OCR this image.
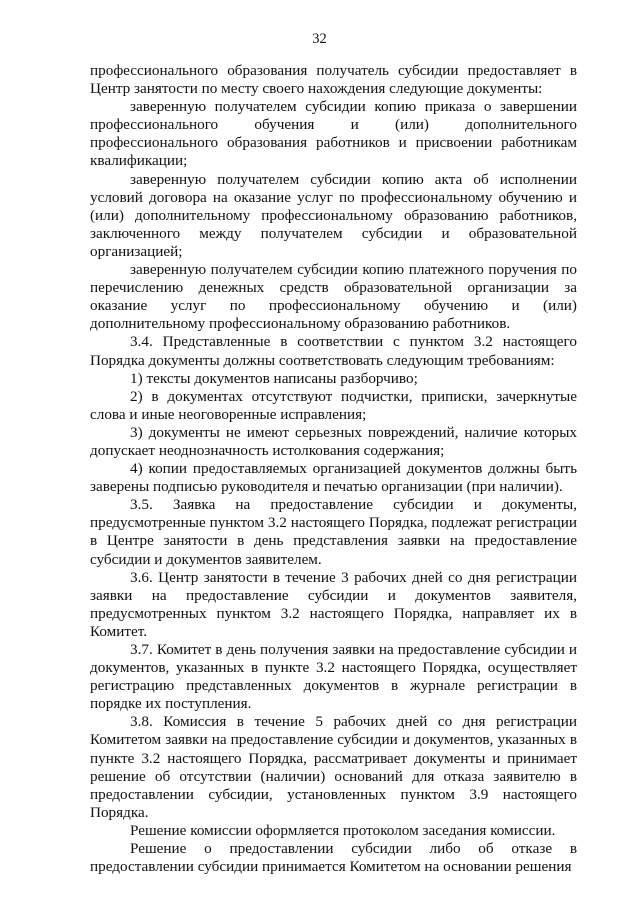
32

профессионального образования получатель субсидии предоставляет в Центр занятости по месту своего нахождения следующие документы:

заверенную получателем субсидии копию приказа о завершении профессионального обучения и (или) дополнительного профессионального образования работников и присвоении работникам квалификации;

заверенную получателем субсидии копию акта об исполнении условий договора на оказание услуг по профессиональному обучению и (или) дополнительному профессиональному образованию работников, заключенного между получателем субсидии и образовательной организацией;

заверенную получателем субсидии копию платежного поручения по перечислению денежных средств образовательной организации за оказание услуг по профессиональному обучению и (или) дополнительному профессиональному образованию работников.

3.4. Представленные в соответствии с пунктом 3.2 настоящего Порядка документы должны соответствовать следующим требованиям:

1) тексты документов написаны разборчиво;

2) в документах отсутствуют подчистки, приписки, зачеркнутые слова и иные неоговоренные исправления;

3) документы не имеют серьезных повреждений, наличие которых допускает неоднозначность истолкования содержания;

4) копии предоставляемых организацией документов должны быть заверены подписью руководителя и печатью организации (при наличии).

3.5. Заявка на предоставление субсидии и документы, предусмотренные пунктом 3.2 настоящего Порядка, подлежат регистрации в Центре занятости в день представления заявки на предоставление субсидии и документов заявителем.

3.6. Центр занятости в течение 3 рабочих дней со дня регистрации заявки на предоставление субсидии и документов заявителя, предусмотренных пунктом 3.2 настоящего Порядка, направляет их в Комитет.

3.7. Комитет в день получения заявки на предоставление субсидии и документов, указанных в пункте 3.2 настоящего Порядка, осуществляет регистрацию представленных документов в журнале регистрации в порядке их поступления.

3.8. Комиссия в течение 5 рабочих дней со дня регистрации Комитетом заявки на предоставление субсидии и документов, указанных в пункте 3.2 настоящего Порядка, рассматривает документы и принимает решение об отсутствии (наличии) оснований для отказа заявителю в предоставлении субсидии, установленных пунктом 3.9 настоящего Порядка.

Решение комиссии оформляется протоколом заседания комиссии.

Решение о предоставлении субсидии либо об отказе в предоставлении субсидии принимается Комитетом на основании решения
